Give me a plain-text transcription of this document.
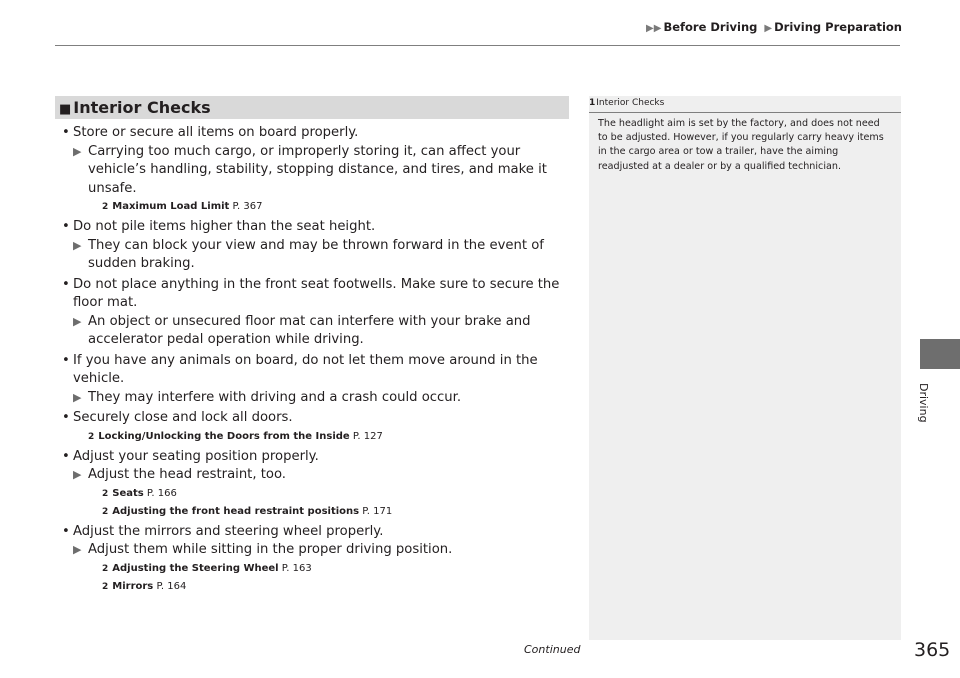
▶▶ Before Driving ▶ Driving Preparation
Driving
■ Interior Checks
• Store or secure all items on board properly.
▶ Carrying too much cargo, or improperly storing it, can affect your vehicle’s handling, stability, stopping distance, and tires, and make it unsafe.
2 Maximum Load Limit P. 367
• Do not pile items higher than the seat height.
▶ They can block your view and may be thrown forward in the event of sudden braking.
• Do not place anything in the front seat footwells. Make sure to secure the floor mat.
▶ An object or unsecured floor mat can interfere with your brake and accelerator pedal operation while driving.
• If you have any animals on board, do not let them move around in the vehicle.
▶ They may interfere with driving and a crash could occur.
• Securely close and lock all doors.
2 Locking/Unlocking the Doors from the Inside P. 127
• Adjust your seating position properly.
▶ Adjust the head restraint, too.
2 Seats P. 166
2 Adjusting the front head restraint positions P. 171
• Adjust the mirrors and steering wheel properly.
▶ Adjust them while sitting in the proper driving position.
2 Adjusting the Steering Wheel P. 163
2 Mirrors P. 164
1Interior Checks
The headlight aim is set by the factory, and does not need to be adjusted. However, if you regularly carry heavy items in the cargo area or tow a trailer, have the aiming readjusted at a dealer or by a qualified technician.
Continued	365
